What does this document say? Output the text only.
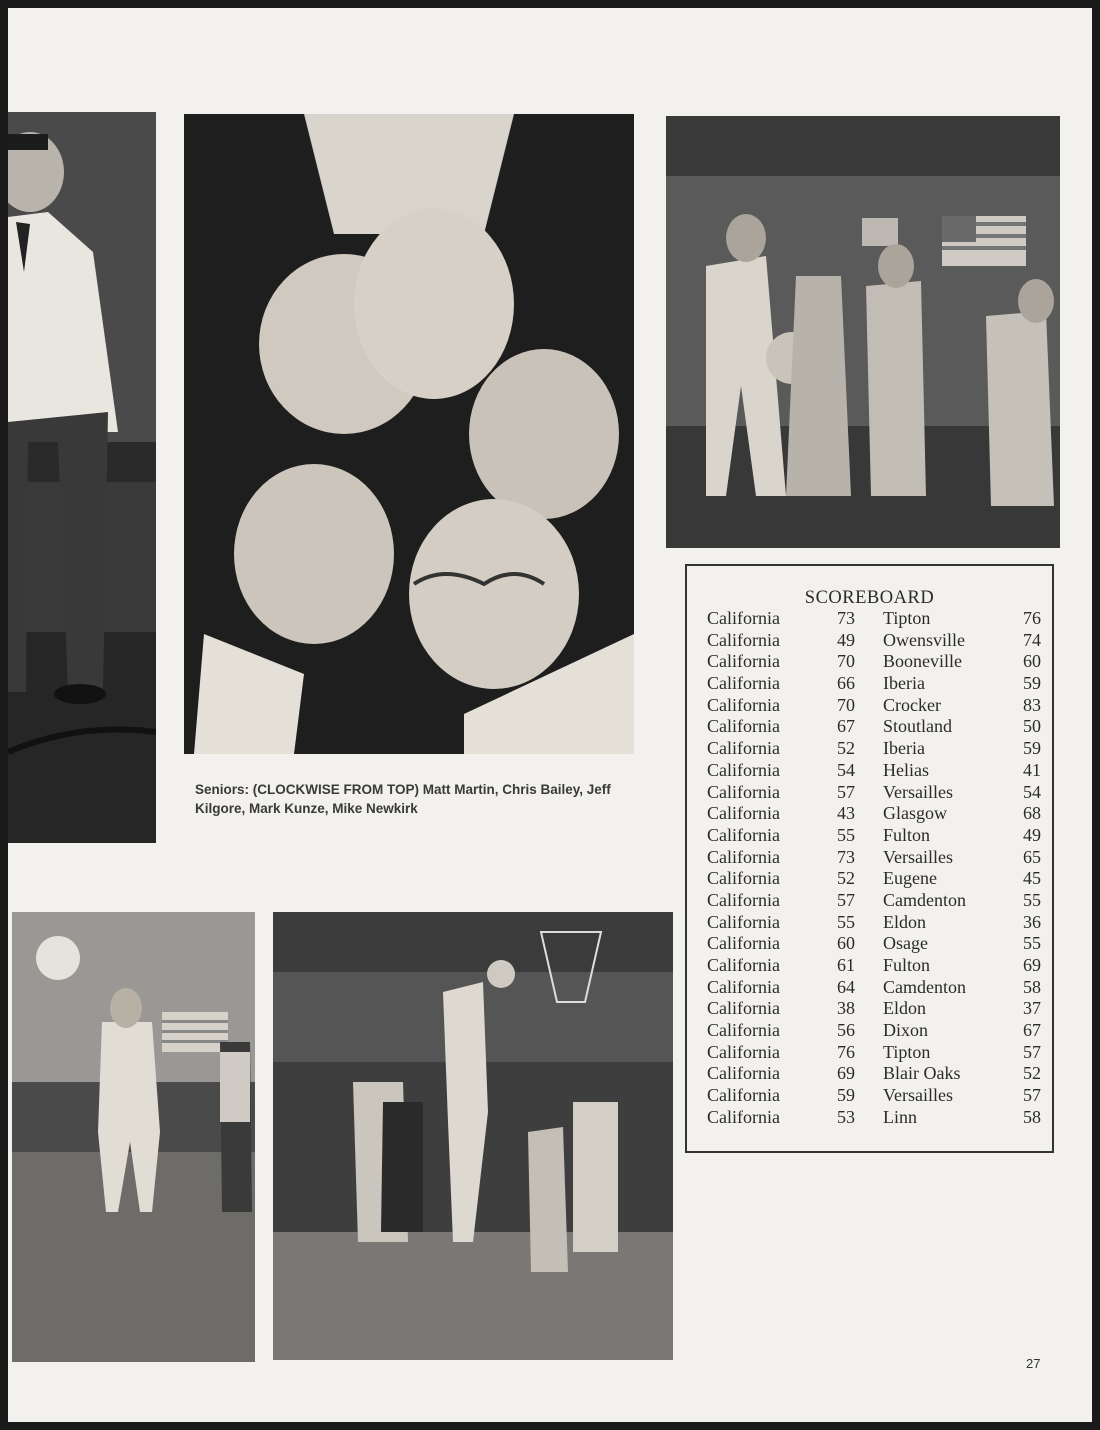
Seniors: (CLOCKWISE FROM TOP) Matt Martin, Chris Bailey, Jeff Kilgore, Mark Kunze, Mike Newkirk
SCOREBOARD
California	73 Tipton	76
California	49 Owensville	74
California	70 Booneville	60
California	66 Iberia	59
California	70 Crocker	83
California	67 Stoutland	50
California	52 Iberia	59
California	54 Helias	41
California	57 Versailles	54
California	43 Glasgow	68
California	55 Fulton	49
California	73 Versailles	65
California	52 Eugene	45
California	57 Camdenton	55
California	55 Eldon	36
California	60 Osage	55
California	61 Fulton	69
California	64 Camdenton	58
California	38 Eldon	37
California	56 Dixon	67
California	76 Tipton	57
California	69 Blair Oaks	52
California	59 Versailles	57
California	53 Linn	58
27
